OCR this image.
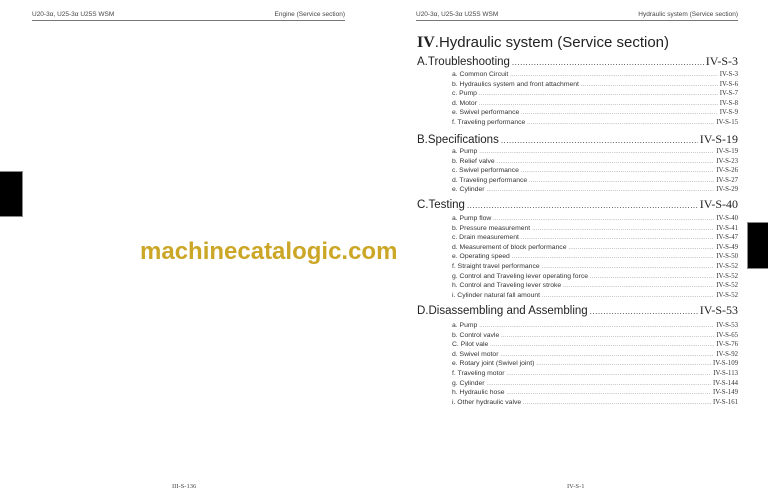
U20-3α, U25-3α U25S WSM	Engine (Service section)
III-S-136
U20-3α, U25-3α U25S WSM	Hydraulic system (Service section)
IV.Hydraulic system (Service section)
A.Troubleshooting .....	IV-S-3
a. Common Circuit .....	IV-S-3
b. Hydraulics system and front attachment .....	IV-S-6
c. Pump .....	IV-S-7
d. Motor .....	IV-S-8
e. Swivel performance .....	IV-S-9
f. Traveling performance .....	IV-S-15
B.Specifications .....	IV-S-19
a. Pump .....	IV-S-19
b. Relief valve .....	IV-S-23
c. Swivel performance .....	IV-S-26
d. Traveling performance .....	IV-S-27
e. Cylinder .....	IV-S-29
C.Testing .....	IV-S-40
a. Pump flow .....	IV-S-40
b. Pressure measurement .....	IV-S-41
c. Drain measurement .....	IV-S-47
d. Measurement of block performance .....	IV-S-49
e. Operating speed .....	IV-S-50
f. Straight travel performance .....	IV-S-52
g. Control and Traveling lever operating force .....	IV-S-52
h. Control and Traveling lever stroke .....	IV-S-52
i. Cylinder natural fall amount .....	IV-S-52
D.Disassembling and Assembling .....	IV-S-53
a. Pump .....	IV-S-53
b. Control vavle .....	IV-S-65
C. Pilot vale .....	IV-S-76
d. Swivel motor .....	IV-S-92
e. Rotary joint (Swivel joint) .....	IV-S-109
f. Traveling motor .....	IV-S-113
g. Cylinder .....	IV-S-144
h. Hydraulic hose .....	IV-S-149
i. Other hydraulic valve .....	IV-S-161
IV-S-1
machinecatalogic.com
